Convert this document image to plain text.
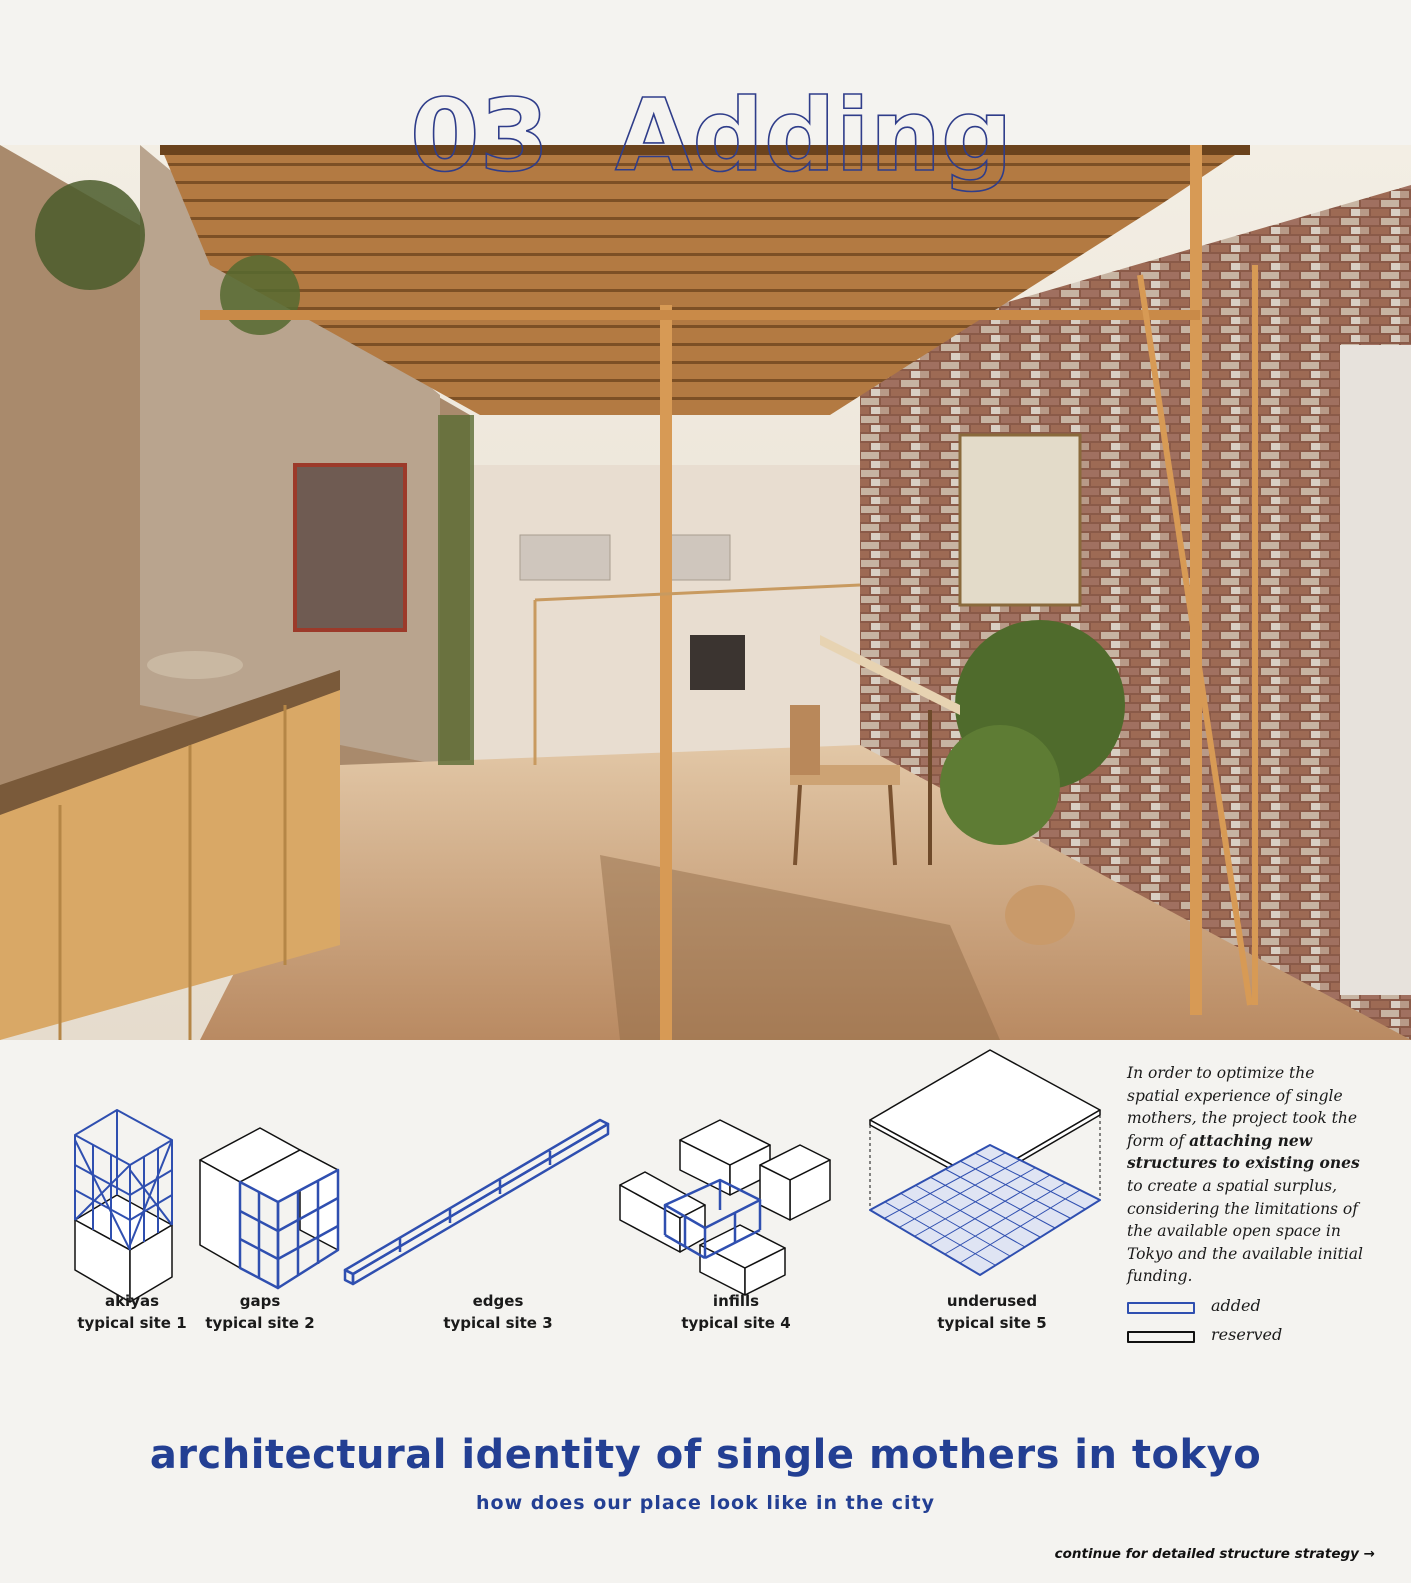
03 Adding
akiyas
typical site 1
gaps
typical site 2
edges
typical site 3
infills
typical site 4
underused
typical site 5
In order to optimize the spatial experience of single mothers, the project took the form of attaching new structures to existing ones to create a spatial surplus, considering the limitations of the available open space in Tokyo and the available initial funding.
added
reserved
architectural identity of single mothers in tokyo
how does our place look like in the city
continue for detailed structure strategy →
